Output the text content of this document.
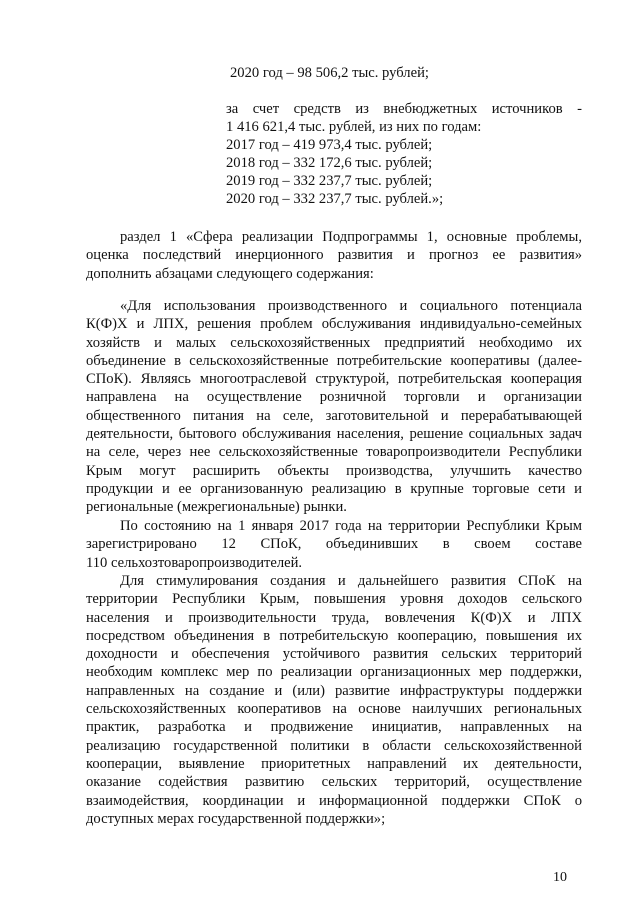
2020 год – 98 506,2 тыс. рублей;
за счет средств из внебюджетных источников -
1 416 621,4 тыс. рублей, из них по годам:
2017 год – 419 973,4 тыс. рублей;
2018 год – 332 172,6 тыс. рублей;
2019 год – 332 237,7 тыс. рублей;
2020 год – 332 237,7 тыс. рублей.»;
раздел 1 «Сфера реализации Подпрограммы 1, основные проблемы,
оценка последствий инерционного развития и прогноз ее развития»
дополнить абзацами следующего содержания:
«Для использования производственного и социального потенциала
К(Ф)Х и ЛПХ, решения проблем обслуживания индивидуально-семейных
хозяйств и малых сельскохозяйственных предприятий необходимо их
объединение в сельскохозяйственные потребительские кооперативы (далее-
СПоК). Являясь многоотраслевой структурой, потребительская кооперация
направлена на осуществление розничной торговли и организации
общественного питания на селе, заготовительной и перерабатывающей
деятельности, бытового обслуживания населения, решение социальных задач
на селе, через нее сельскохозяйственные товаропроизводители Республики
Крым могут расширить объекты производства, улучшить качество
продукции и ее организованную реализацию в крупные торговые сети и
региональные (межрегиональные) рынки.
По состоянию на 1 января 2017 года на территории Республики Крым
зарегистрировано 12 СПоК, объединивших в своем составе
110 сельхозтоваропроизводителей.
Для стимулирования создания и дальнейшего развития СПоК на
территории Республики Крым, повышения уровня доходов сельского
населения и производительности труда, вовлечения К(Ф)Х и ЛПХ
посредством объединения в потребительскую кооперацию, повышения их
доходности и обеспечения устойчивого развития сельских территорий
необходим комплекс мер по реализации организационных мер поддержки,
направленных на создание и (или) развитие инфраструктуры поддержки
сельскохозяйственных кооперативов на основе наилучших региональных
практик, разработка и продвижение инициатив, направленных на
реализацию государственной политики в области сельскохозяйственной
кооперации, выявление приоритетных направлений их деятельности,
оказание содействия развитию сельских территорий, осуществление
взаимодействия, координации и информационной поддержки СПоК о
доступных мерах государственной поддержки»;
10
